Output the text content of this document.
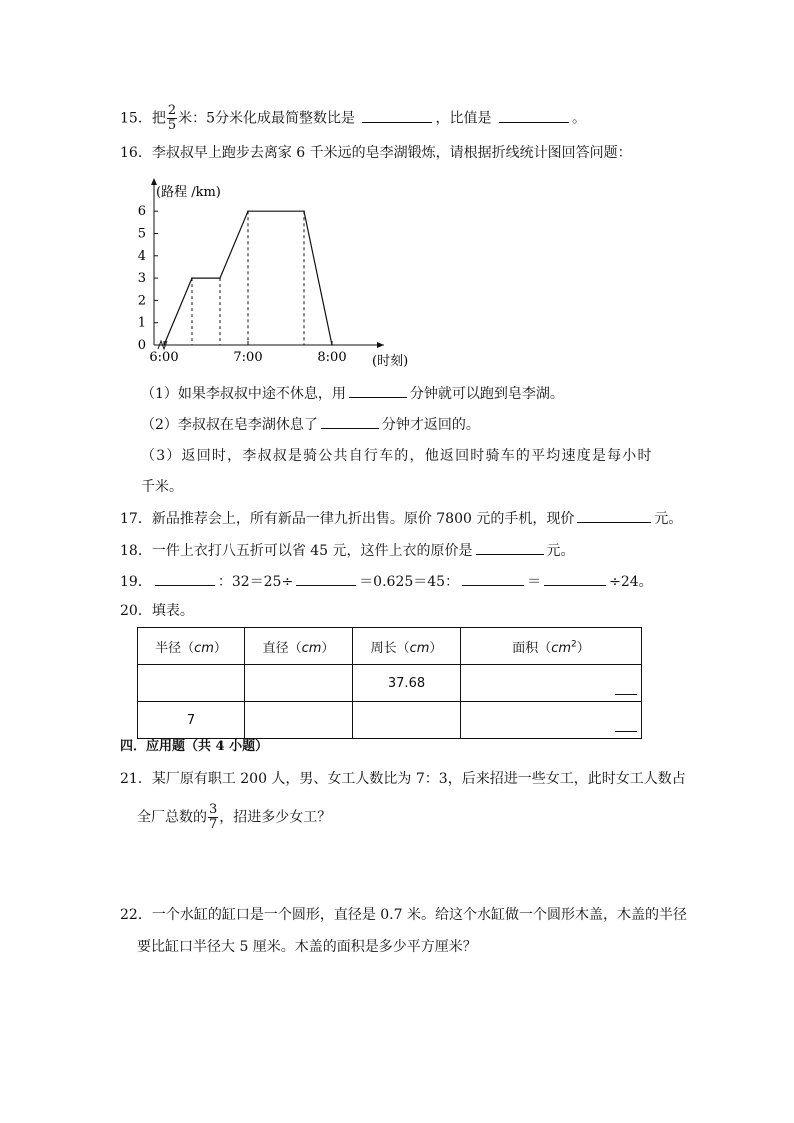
15．把 $\frac{2}{5}$ 米：5分米化成最简整数比是	，比值是	。
16．李叔叔早上跑步去离家 6 千米远的皂李湖锻炼，请根据折线统计图回答问题：
0
1
2
3
4
5
6
6:00	7:00	8:00
(路程 /km)
(时刻)
（1）如果李叔叔中途不休息，用	分钟就可以跑到皂李湖。
（2）李叔叔在皂李湖休息了	分钟才返回的。
（3）返回时，李叔叔是骑公共自行车的，他返回时骑车的平均速度是每小时
千米。
17．新品推荐会上，所有新品一律九折出售。原价 7800 元的手机，现价	元。
18．一件上衣打八五折可以省 45 元，这件上衣的原价是	元。
19．	：32＝25÷	＝0.625＝45：	＝	÷24。
20．填表。
半径（cm）	直径（cm）	周长（cm）	面积$(cm^2)$
		37.68	

7			
四．应用题（共 4 小题）
21．某厂原有职工 200 人，男、女工人数比为 7：3，后来招进一些女工，此时女工人数占
全厂总数的 $\frac{3}{7}$ ，招进多少女工？
22．一个水缸的缸口是一个圆形，直径是 0.7 米。给这个水缸做一个圆形木盖，木盖的半径
要比缸口半径大 5 厘米。木盖的面积是多少平方厘米？
